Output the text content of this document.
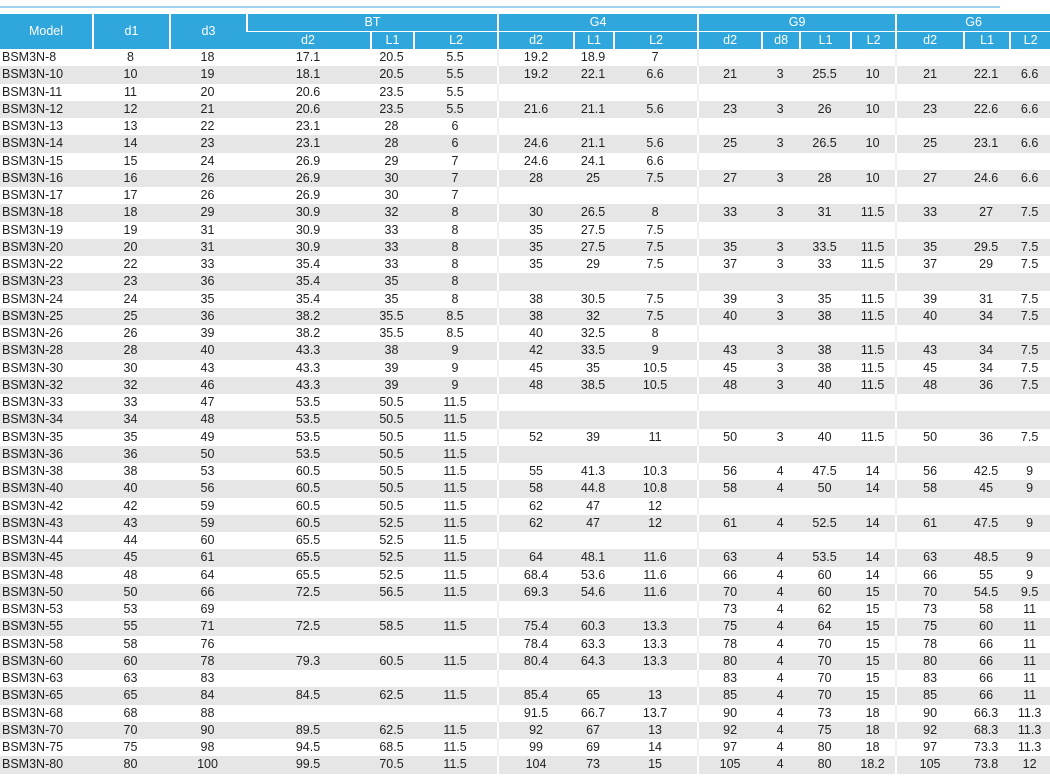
Model	d1	d3	BT			G4			G9				G6		
			d2	L1	L2	d2	L1	L2	d2	d8	L1	L2	d2	L1	L2
BSM3N-8	8	18	17.1	20.5	5.5	19.2	18.9	7							
BSM3N-10	10	19	18.1	20.5	5.5	19.2	22.1	6.6	21	3	25.5	10	21	22.1	6.6
BSM3N-11	11	20	20.6	23.5	5.5										
BSM3N-12	12	21	20.6	23.5	5.5	21.6	21.1	5.6	23	3	26	10	23	22.6	6.6
BSM3N-13	13	22	23.1	28	6										
BSM3N-14	14	23	23.1	28	6	24.6	21.1	5.6	25	3	26.5	10	25	23.1	6.6
BSM3N-15	15	24	26.9	29	7	24.6	24.1	6.6							
BSM3N-16	16	26	26.9	30	7	28	25	7.5	27	3	28	10	27	24.6	6.6
BSM3N-17	17	26	26.9	30	7										
BSM3N-18	18	29	30.9	32	8	30	26.5	8	33	3	31	11.5	33	27	7.5
BSM3N-19	19	31	30.9	33	8	35	27.5	7.5							
BSM3N-20	20	31	30.9	33	8	35	27.5	7.5	35	3	33.5	11.5	35	29.5	7.5
BSM3N-22	22	33	35.4	33	8	35	29	7.5	37	3	33	11.5	37	29	7.5
BSM3N-23	23	36	35.4	35	8										
BSM3N-24	24	35	35.4	35	8	38	30.5	7.5	39	3	35	11.5	39	31	7.5
BSM3N-25	25	36	38.2	35.5	8.5	38	32	7.5	40	3	38	11.5	40	34	7.5
BSM3N-26	26	39	38.2	35.5	8.5	40	32.5	8							
BSM3N-28	28	40	43.3	38	9	42	33.5	9	43	3	38	11.5	43	34	7.5
BSM3N-30	30	43	43.3	39	9	45	35	10.5	45	3	38	11.5	45	34	7.5
BSM3N-32	32	46	43.3	39	9	48	38.5	10.5	48	3	40	11.5	48	36	7.5
BSM3N-33	33	47	53.5	50.5	11.5										
BSM3N-34	34	48	53.5	50.5	11.5										
BSM3N-35	35	49	53.5	50.5	11.5	52	39	11	50	3	40	11.5	50	36	7.5
BSM3N-36	36	50	53.5	50.5	11.5										
BSM3N-38	38	53	60.5	50.5	11.5	55	41.3	10.3	56	4	47.5	14	56	42.5	9
BSM3N-40	40	56	60.5	50.5	11.5	58	44.8	10.8	58	4	50	14	58	45	9
BSM3N-42	42	59	60.5	50.5	11.5	62	47	12							
BSM3N-43	43	59	60.5	52.5	11.5	62	47	12	61	4	52.5	14	61	47.5	9
BSM3N-44	44	60	65.5	52.5	11.5										
BSM3N-45	45	61	65.5	52.5	11.5	64	48.1	11.6	63	4	53.5	14	63	48.5	9
BSM3N-48	48	64	65.5	52.5	11.5	68.4	53.6	11.6	66	4	60	14	66	55	9
BSM3N-50	50	66	72.5	56.5	11.5	69.3	54.6	11.6	70	4	60	15	70	54.5	9.5
BSM3N-53	53	69							73	4	62	15	73	58	11
BSM3N-55	55	71	72.5	58.5	11.5	75.4	60.3	13.3	75	4	64	15	75	60	11
BSM3N-58	58	76				78.4	63.3	13.3	78	4	70	15	78	66	11
BSM3N-60	60	78	79.3	60.5	11.5	80.4	64.3	13.3	80	4	70	15	80	66	11
BSM3N-63	63	83							83	4	70	15	83	66	11
BSM3N-65	65	84	84.5	62.5	11.5	85.4	65	13	85	4	70	15	85	66	11
BSM3N-68	68	88				91.5	66.7	13.7	90	4	73	18	90	66.3	11.3
BSM3N-70	70	90	89.5	62.5	11.5	92	67	13	92	4	75	18	92	68.3	11.3
BSM3N-75	75	98	94.5	68.5	11.5	99	69	14	97	4	80	18	97	73.3	11.3
BSM3N-80	80	100	99.5	70.5	11.5	104	73	15	105	4	80	18.2	105	73.8	12
